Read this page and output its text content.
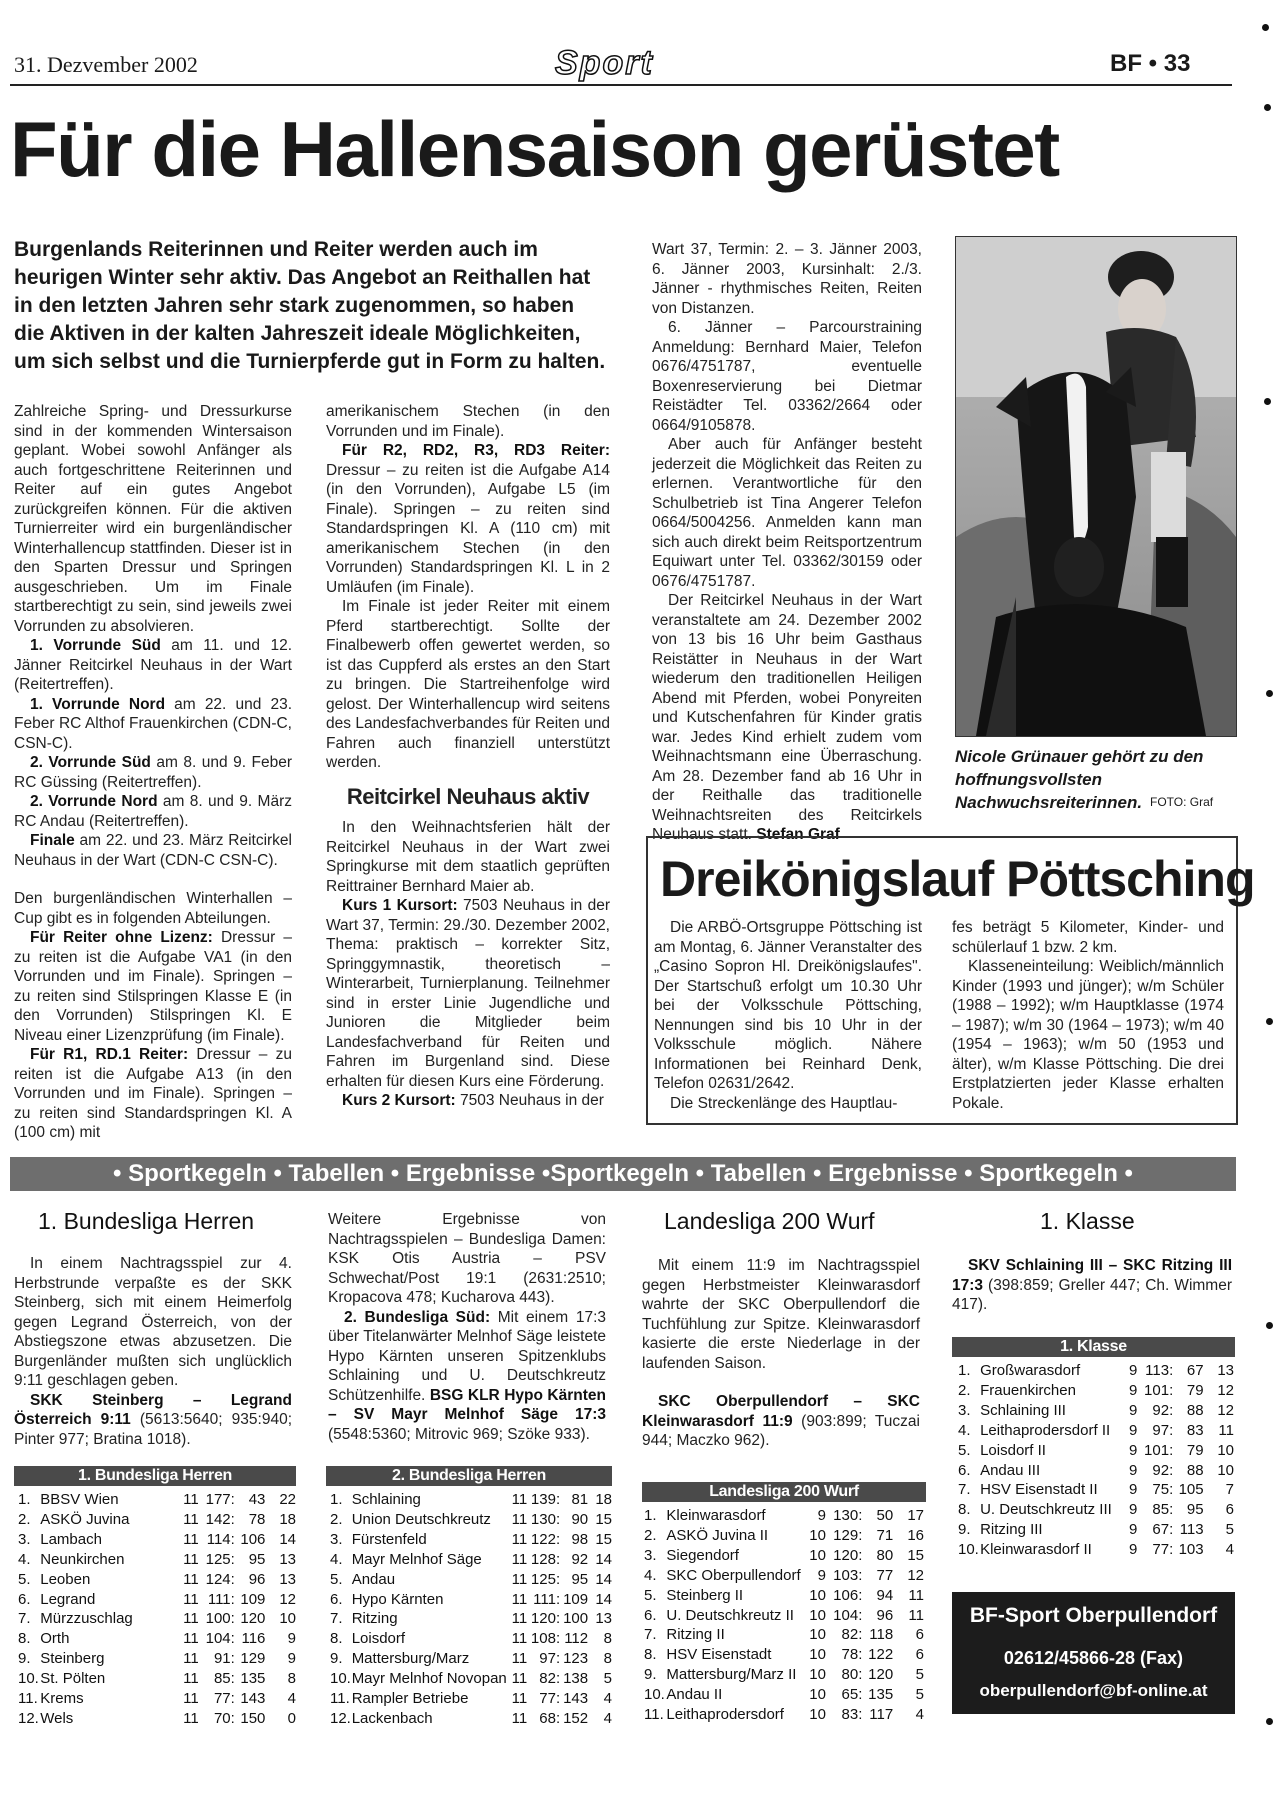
31. Dezvember 2002	Sport	BF • 33
Für die Hallensaison gerüstet
Burgenlands Reiterinnen und Reiter werden auch im heurigen Winter sehr aktiv. Das Angebot an Reithallen hat in den letzten Jahren sehr stark zugenommen, so haben die Aktiven in der kalten Jahreszeit ideale Möglichkeiten, um sich selbst und die Turnierpferde gut in Form zu halten.

Zahlreiche Spring- und Dressurkurse sind in der kommenden Wintersaison geplant. Wobei sowohl Anfänger als auch fortgeschrittene Reiterinnen und Reiter auf ein gutes Angebot zurückgreifen können. Für die aktiven Turnierreiter wird ein burgenländischer Winterhallencup stattfinden. Dieser ist in den Sparten Dressur und Springen ausgeschrieben. Um im Finale startberechtigt zu sein, sind jeweils zwei Vorrunden zu absolvieren.

1. Vorrunde Süd am 11. und 12. Jänner Reitcirkel Neuhaus in der Wart (Reitertreffen).

1. Vorrunde Nord am 22. und 23. Feber RC Althof Frauenkirchen (CDN-C, CSN-C).

2. Vorrunde Süd am 8. und 9. Feber RC Güssing (Reitertreffen).

2. Vorrunde Nord am 8. und 9. März RC Andau (Reitertreffen).

Finale am 22. und 23. März Reitcirkel Neuhaus in der Wart (CDN-C CSN-C).

Den burgenländischen Winterhallen – Cup gibt es in folgenden Abteilungen.

Für Reiter ohne Lizenz: Dressur – zu reiten ist die Aufgabe VA1 (in den Vorrunden und im Finale). Springen – zu reiten sind Stilspringen Klasse E (in den Vorrunden) Stilspringen Kl. E Niveau einer Lizenzprüfung (im Finale).

Für R1, RD.1 Reiter: Dressur – zu reiten ist die Aufgabe A13 (in den Vorrunden und im Finale). Springen – zu reiten sind Standardspringen Kl. A (100 cm) mit

amerikanischem Stechen (in den Vorrunden und im Finale).

Für R2, RD2, R3, RD3 Reiter: Dressur – zu reiten ist die Aufgabe A14 (in den Vorrunden), Aufgabe L5 (im Finale). Springen – zu reiten sind Standardspringen Kl. A (110 cm) mit amerikanischem Stechen (in den Vorrunden) Standardspringen Kl. L in 2 Umläufen (im Finale).

Im Finale ist jeder Reiter mit einem Pferd startberechtigt. Sollte der Finalbewerb offen gewertet werden, so ist das Cuppferd als erstes an den Start zu bringen. Die Startreihenfolge wird gelost. Der Winterhallencup wird seitens des Landesfachverbandes für Reiten und Fahren auch finanziell unterstützt werden.

Reitcirkel Neuhaus aktiv

In den Weihnachtsferien hält der Reitcirkel Neuhaus in der Wart zwei Springkurse mit dem staatlich geprüften Reittrainer Bernhard Maier ab.

Kurs 1 Kursort: 7503 Neuhaus in der Wart 37, Termin: 29./30. Dezember 2002, Thema: praktisch – korrekter Sitz, Springgymnastik, theoretisch – Winterarbeit, Turnierplanung. Teilnehmer sind in erster Linie Jugendliche und Junioren die Mitglieder beim Landesfachverband für Reiten und Fahren im Burgenland sind. Diese erhalten für diesen Kurs eine Förderung.

Kurs 2 Kursort: 7503 Neuhaus in der

Wart 37, Termin: 2. – 3. Jänner 2003, 6. Jänner 2003, Kursinhalt: 2./3. Jänner - rhythmisches Reiten, Reiten von Distanzen.

6. Jänner – Parcourstraining Anmeldung: Bernhard Maier, Telefon 0676/4751787, eventuelle Boxenreservierung bei Dietmar Reistädter Tel. 03362/2664 oder 0664/9105878.

Aber auch für Anfänger besteht jederzeit die Möglichkeit das Reiten zu erlernen. Verantwortliche für den Schulbetrieb ist Tina Angerer Telefon 0664/5004256. Anmelden kann man sich auch direkt beim Reitsportzentrum Equiwart unter Tel. 03362/30159 oder 0676/4751787.

Der Reitcirkel Neuhaus in der Wart veranstaltete am 24. Dezember 2002 von 13 bis 16 Uhr beim Gasthaus Reistätter in Neuhaus in der Wart wiederum den traditionellen Heiligen Abend mit Pferden, wobei Ponyreiten und Kutschenfahren für Kinder gratis war. Jedes Kind erhielt zudem vom Weihnachtsmann eine Überraschung. Am 28. Dezember fand ab 16 Uhr in der Reithalle das traditionelle Weihnachtsreiten des Reitcirkels Neuhaus statt. Stefan Graf

Nicole Grünauer gehört zu den hoffnungsvollsten Nachwuchsreiterinnen. FOTO: Graf
Dreikönigslauf Pöttsching

Die ARBÖ-Ortsgruppe Pöttsching ist am Montag, 6. Jänner Veranstalter des „Casino Sopron Hl. Dreikönigslaufes". Der Startschuß erfolgt um 10.30 Uhr bei der Volksschule Pöttsching, Nennungen sind bis 10 Uhr in der Volksschule möglich. Nähere Informationen bei Reinhard Denk, Telefon 02631/2642.

Die Streckenlänge des Hauptlau-

fes beträgt 5 Kilometer, Kinder- und schülerlauf 1 bzw. 2 km.

Klasseneinteilung: Weiblich/männlich Kinder (1993 und jünger); w/m Schüler (1988 – 1992); w/m Hauptklasse (1974 – 1987); w/m 30 (1964 – 1973); w/m 40 (1954 – 1963); w/m 50 (1953 und älter), w/m Klasse Pöttsching. Die drei Erstplatzierten jeder Klasse erhalten Pokale.

• Sportkegeln • Tabellen • Ergebnisse •Sportkegeln • Tabellen • Ergebnisse • Sportkegeln •
1. Bundesliga Herren

In einem Nachtragsspiel zur 4. Herbstrunde verpaßte es der SKK Steinberg, sich mit einem Heimerfolg gegen Legrand Österreich, von der Abstiegszone etwas abzusetzen. Die Burgenländer mußten sich unglücklich 9:11 geschlagen geben.

SKK Steinberg – Legrand Österreich 9:11 (5613:5640; 935:940; Pinter 977; Bratina 1018).

Weitere Ergebnisse von Nachtragsspielen – Bundesliga Damen: KSK Otis Austria – PSV Schwechat/Post 19:1 (2631:2510; Kropacova 478; Kucharova 443).

2. Bundesliga Süd: Mit einem 17:3 über Titelanwärter Melnhof Säge leistete Hypo Kärnten unseren Spitzenklubs Schlaining und U. Deutschkreutz Schützenhilfe. BSG KLR Hypo Kärnten – SV Mayr Melnhof Säge 17:3 (5548:5360; Mitrovic 969; Szöke 933).

Landesliga 200 Wurf

Mit einem 11:9 im Nachtragsspiel gegen Herbstmeister Kleinwarasdorf wahrte der SKC Oberpullendorf die Tuchfühlung zur Spitze. Kleinwarasdorf kasierte die erste Niederlage in der laufenden Saison.

SKC Oberpullendorf – SKC Kleinwarasdorf 11:9 (903:899; Tuczai 944; Maczko 962).

1. Klasse

SKV Schlaining III – SKC Ritzing III 17:3 (398:859; Greller 447; Ch. Wimmer 417).

1. Bundesliga Herren
1.	BBSV Wien	11	177:	43	22
2.	ASKÖ Juvina	11	142:	78	18
3.	Lambach	11	114:	106	14
4.	Neunkirchen	11	125:	95	13
5.	Leoben	11	124:	96	13
6.	Legrand	11	111:	109	12
7.	Mürzzuschlag	11	100:	120	10
8.	Orth	11	104:	116	9
9.	Steinberg	11	91:	129	9
10.	St. Pölten	11	85:	135	8
11.	Krems	11	77:	143	4
12.	Wels	11	70:	150	0
2. Bundesliga Herren
1.	Schlaining	11	139:	81	18
2.	Union Deutschkreutz	11	130:	90	15
3.	Fürstenfeld	11	122:	98	15
4.	Mayr Melnhof Säge	11	128:	92	14
5.	Andau	11	125:	95	14
6.	Hypo Kärnten	11	111:	109	14
7.	Ritzing	11	120:	100	13
8.	Loisdorf	11	108:	112	8
9.	Mattersburg/Marz	11	97:	123	8
10.	Mayr Melnhof Novopan	11	82:	138	5
11.	Rampler Betriebe	11	77:	143	4
12.	Lackenbach	11	68:	152	4
Landesliga 200 Wurf
1.	Kleinwarasdorf	9	130:	50	17
2.	ASKÖ Juvina II	10	129:	71	16
3.	Siegendorf	10	120:	80	15
4.	SKC Oberpullendorf	9	103:	77	12
5.	Steinberg II	10	106:	94	11
6.	U. Deutschkreutz II	10	104:	96	11
7.	Ritzing II	10	82:	118	6
8.	HSV Eisenstadt	10	78:	122	6
9.	Mattersburg/Marz II	10	80:	120	5
10.	Andau II	10	65:	135	5
11.	Leithaprodersdorf	10	83:	117	4
1. Klasse
1.	Großwarasdorf	9	113:	67	13
2.	Frauenkirchen	9	101:	79	12
3.	Schlaining III	9	92:	88	12
4.	Leithaprodersdorf II	9	97:	83	11
5.	Loisdorf II	9	101:	79	10
6.	Andau III	9	92:	88	10
7.	HSV Eisenstadt II	9	75:	105	7
8.	U. Deutschkreutz III	9	85:	95	6
9.	Ritzing III	9	67:	113	5
10.	Kleinwarasdorf II	9	77:	103	4
BF-Sport Oberpullendorf
02612/45866-28 (Fax)
oberpullendorf@bf-online.at
